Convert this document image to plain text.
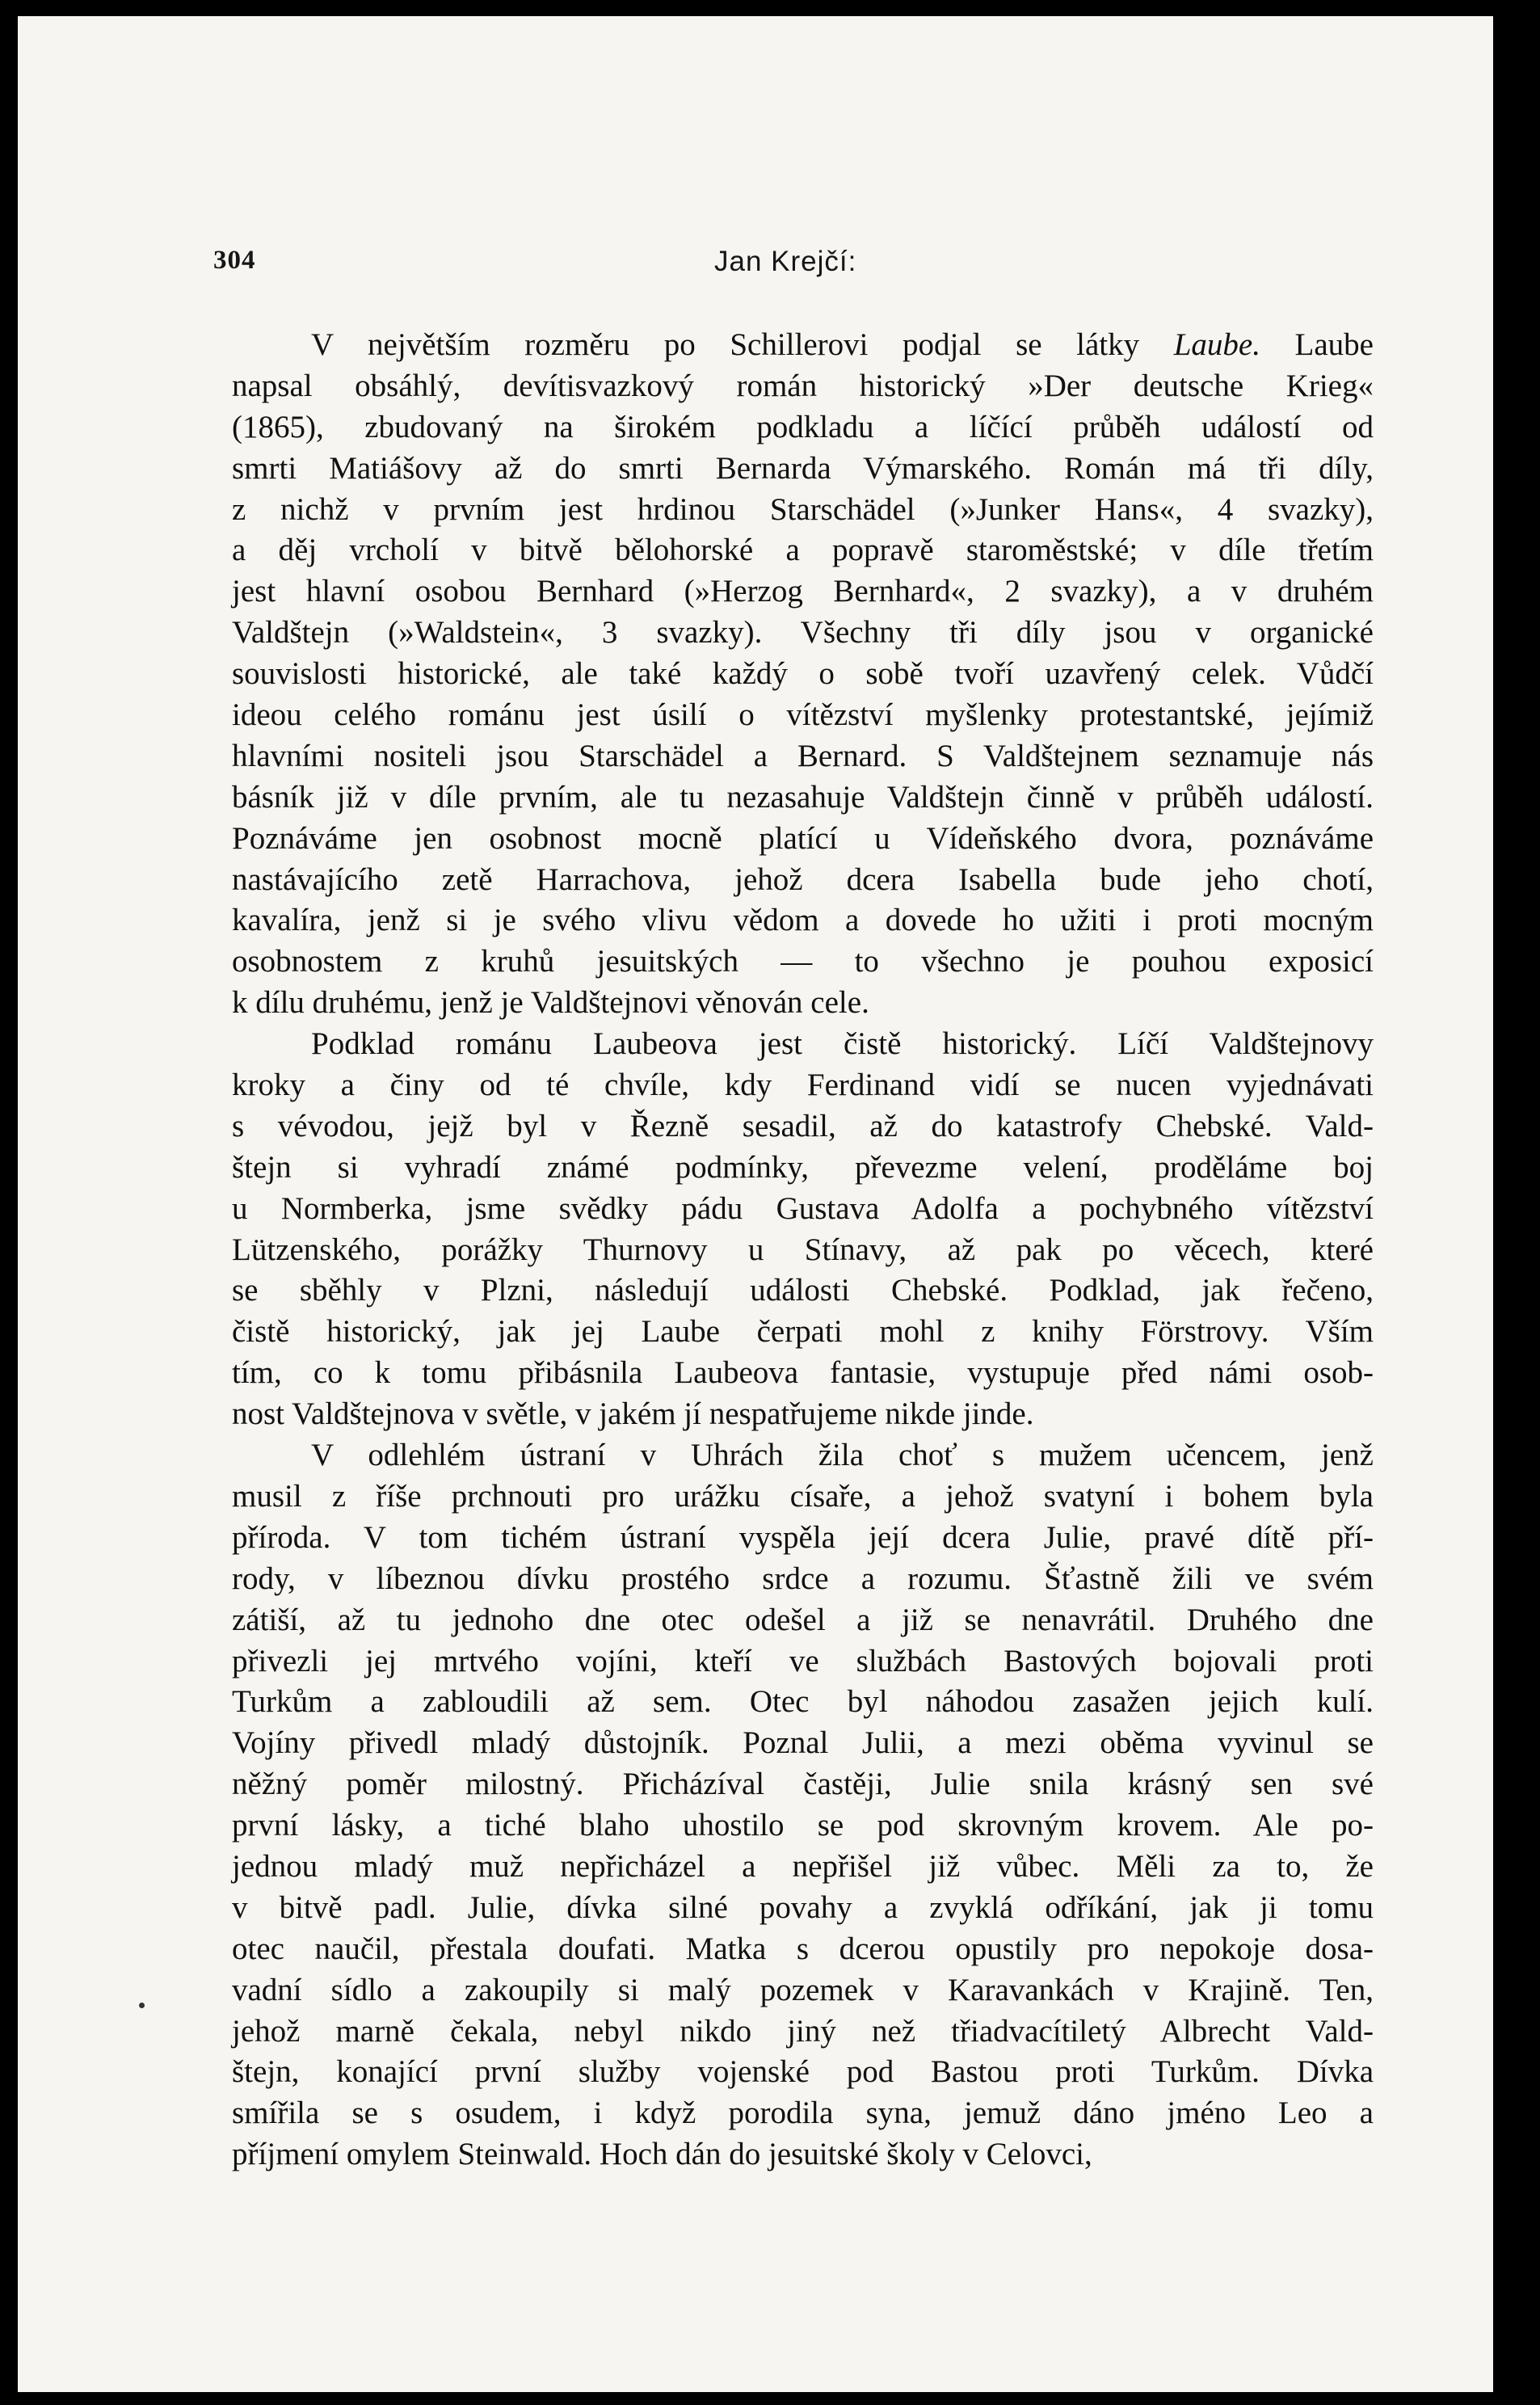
304	Jan Krejčí:
V největším rozměru po Schillerovi podjal se látky Laube. Laube
napsal obsáhlý, devítisvazkový román historický »Der deutsche Krieg«
(1865), zbudovaný na širokém podkladu a líčící průběh událostí od
smrti Matiášovy až do smrti Bernarda Výmarského. Román má tři díly,
z nichž v prvním jest hrdinou Starschädel (»Junker Hans«, 4 svazky),
a děj vrcholí v bitvě bělohorské a popravě staroměstské; v díle třetím
jest hlavní osobou Bernhard (»Herzog Bernhard«, 2 svazky), a v druhém
Valdštejn (»Waldstein«, 3 svazky). Všechny tři díly jsou v organické
souvislosti historické, ale také každý o sobě tvoří uzavřený celek. Vůdčí
ideou celého románu jest úsilí o vítězství myšlenky protestantské, jejímiž
hlavními nositeli jsou Starschädel a Bernard. S Valdštejnem seznamuje nás
básník již v díle prvním, ale tu nezasahuje Valdštejn činně v průběh událostí.
Poznáváme jen osobnost mocně platící u Vídeňského dvora, poznáváme
nastávajícího zetě Harrachova, jehož dcera Isabella bude jeho chotí,
kavalíra, jenž si je svého vlivu vědom a dovede ho užiti i proti mocným
osobnostem z kruhů jesuitských — to všechno je pouhou exposicí
k dílu druhému, jenž je Valdštejnovi věnován cele.
Podklad románu Laubeova jest čistě historický. Líčí Valdštejnovy
kroky a činy od té chvíle, kdy Ferdinand vidí se nucen vyjednávati
s vévodou, jejž byl v Řezně sesadil, až do katastrofy Chebské. Vald-
štejn si vyhradí známé podmínky, převezme velení, proděláme boj
u Normberka, jsme svědky pádu Gustava Adolfa a pochybného vítězství
Lützenského, porážky Thurnovy u Stínavy, až pak po věcech, které
se sběhly v Plzni, následují události Chebské. Podklad, jak řečeno,
čistě historický, jak jej Laube čerpati mohl z knihy Förstrovy. Vším
tím, co k tomu přibásnila Laubeova fantasie, vystupuje před námi osob-
nost Valdštejnova v světle, v jakém jí nespatřujeme nikde jinde.
V odlehlém ústraní v Uhrách žila choť s mužem učencem, jenž
musil z říše prchnouti pro urážku císaře, a jehož svatyní i bohem byla
příroda. V tom tichém ústraní vyspěla její dcera Julie, pravé dítě pří-
rody, v líbeznou dívku prostého srdce a rozumu. Šťastně žili ve svém
zátiší, až tu jednoho dne otec odešel a již se nenavrátil. Druhého dne
přivezli jej mrtvého vojíni, kteří ve službách Bastových bojovali proti
Turkům a zabloudili až sem. Otec byl náhodou zasažen jejich kulí.
Vojíny přivedl mladý důstojník. Poznal Julii, a mezi oběma vyvinul se
něžný poměr milostný. Přicházíval častěji, Julie snila krásný sen své
první lásky, a tiché blaho uhostilo se pod skrovným krovem. Ale po-
jednou mladý muž nepřicházel a nepřišel již vůbec. Měli za to, že
v bitvě padl. Julie, dívka silné povahy a zvyklá odříkání, jak ji tomu
otec naučil, přestala doufati. Matka s dcerou opustily pro nepokoje dosa-
vadní sídlo a zakoupily si malý pozemek v Karavankách v Krajině. Ten,
jehož marně čekala, nebyl nikdo jiný než třiadvacítiletý Albrecht Vald-
štejn, konající první služby vojenské pod Bastou proti Turkům. Dívka
smířila se s osudem, i když porodila syna, jemuž dáno jméno Leo a
příjmení omylem Steinwald. Hoch dán do jesuitské školy v Celovci,
